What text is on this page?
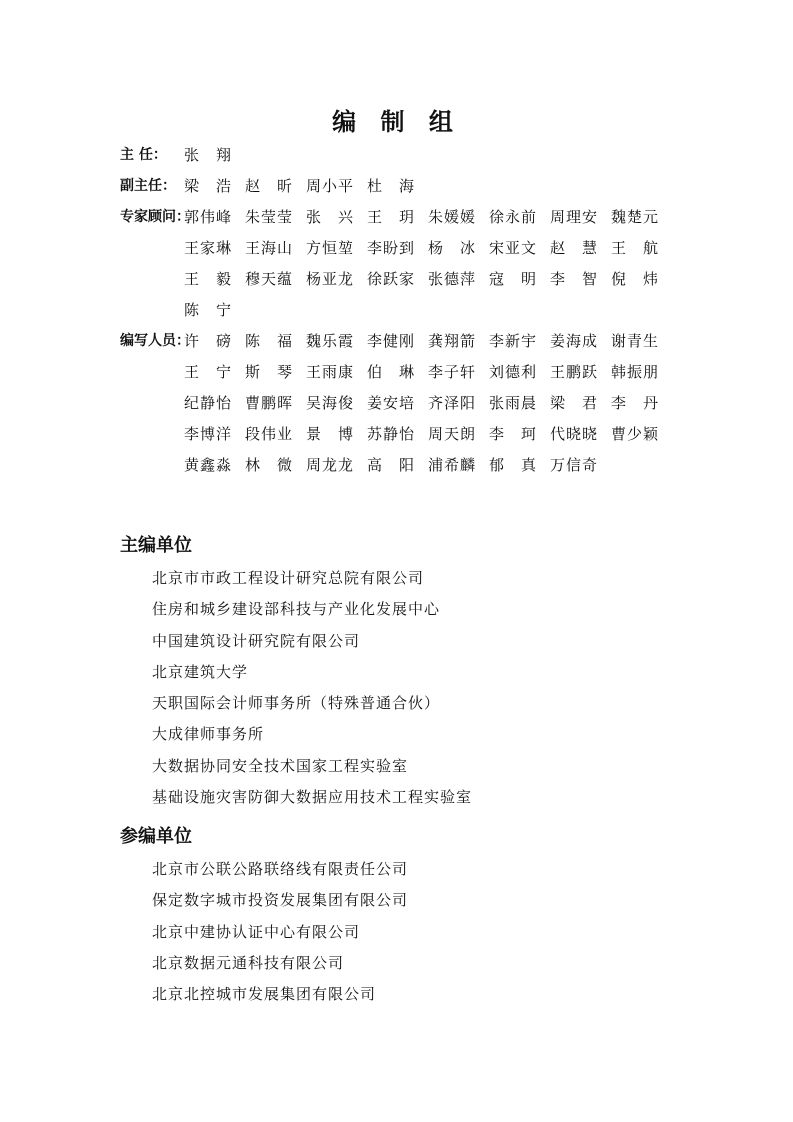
编 制 组
主 任：	张 翔
副主任： 梁 浩 赵 昕 周小平 杜 海
专家顾问：
郭伟峰 朱莹莹 张 兴 王 玥 朱媛媛 徐永前 周理安 魏楚元
王家琳 王海山 方恒堃 李盼到 杨 冰 宋亚文 赵 慧 王 航
王 毅 穆天蕴 杨亚龙 徐跃家 张德萍 寇 明 李 智 倪 炜
陈 宁
编写人员：
许 磅 陈 福 魏乐霞 李健刚 龚翔箭 李新宇 姜海成 谢青生
王 宁 斯 琴 王雨康 伯 琳 李子轩 刘德利 王鹏跃 韩振朋
纪静怡 曹鹏晖 吴海俊 姜安培 齐泽阳 张雨晨 梁 君 李 丹
李博洋 段伟业 景 博 苏静怡 周天朗 李 珂 代晓晓 曹少颖
黄鑫淼 林 微 周龙龙 高 阳 浦希麟 郁 真 万信奇
主编单位
北京市市政工程设计研究总院有限公司
住房和城乡建设部科技与产业化发展中心
中国建筑设计研究院有限公司
北京建筑大学
天职国际会计师事务所（特殊普通合伙）
大成律师事务所
大数据协同安全技术国家工程实验室
基础设施灾害防御大数据应用技术工程实验室
参编单位
北京市公联公路联络线有限责任公司
保定数字城市投资发展集团有限公司
北京中建协认证中心有限公司
北京数据元通科技有限公司
北京北控城市发展集团有限公司
